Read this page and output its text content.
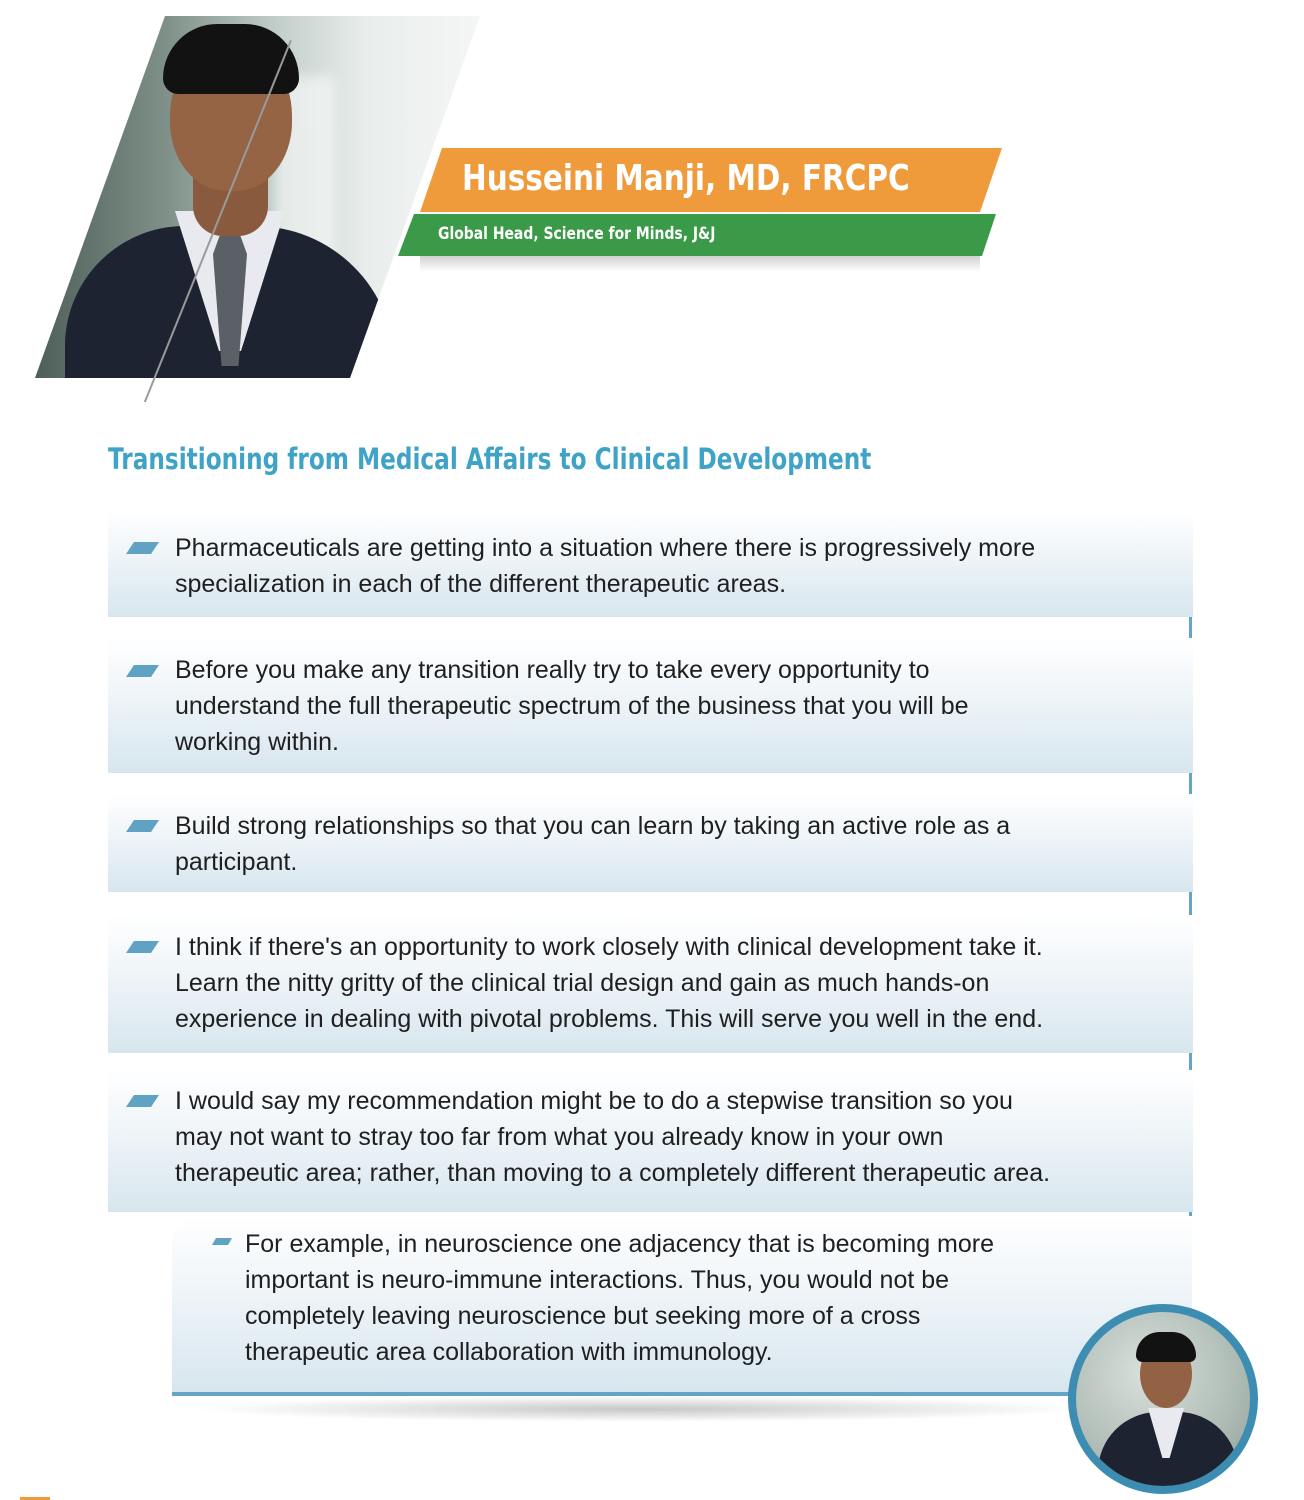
Husseini Manji, MD, FRCPC
Global Head, Science for Minds, J&J
Transitioning from Medical Affairs to Clinical Development
Pharmaceuticals are getting into a situation where there is progressively more
specialization in each of the different therapeutic areas.
Before you make any transition really try to take every opportunity to
understand the full therapeutic spectrum of the business that you will be
working within.
Build strong relationships so that you can learn by taking an active role as a
participant.
I think if there's an opportunity to work closely with clinical development take it.
Learn the nitty gritty of the clinical trial design and gain as much hands-on
experience in dealing with pivotal problems. This will serve you well in the end.
I would say my recommendation might be to do a stepwise transition so you
may not want to stray too far from what you already know in your own
therapeutic area; rather, than moving to a completely different therapeutic area.
For example, in neuroscience one adjacency that is becoming more
important is neuro-immune interactions. Thus, you would not be
completely leaving neuroscience but seeking more of a cross
therapeutic area collaboration with immunology.
